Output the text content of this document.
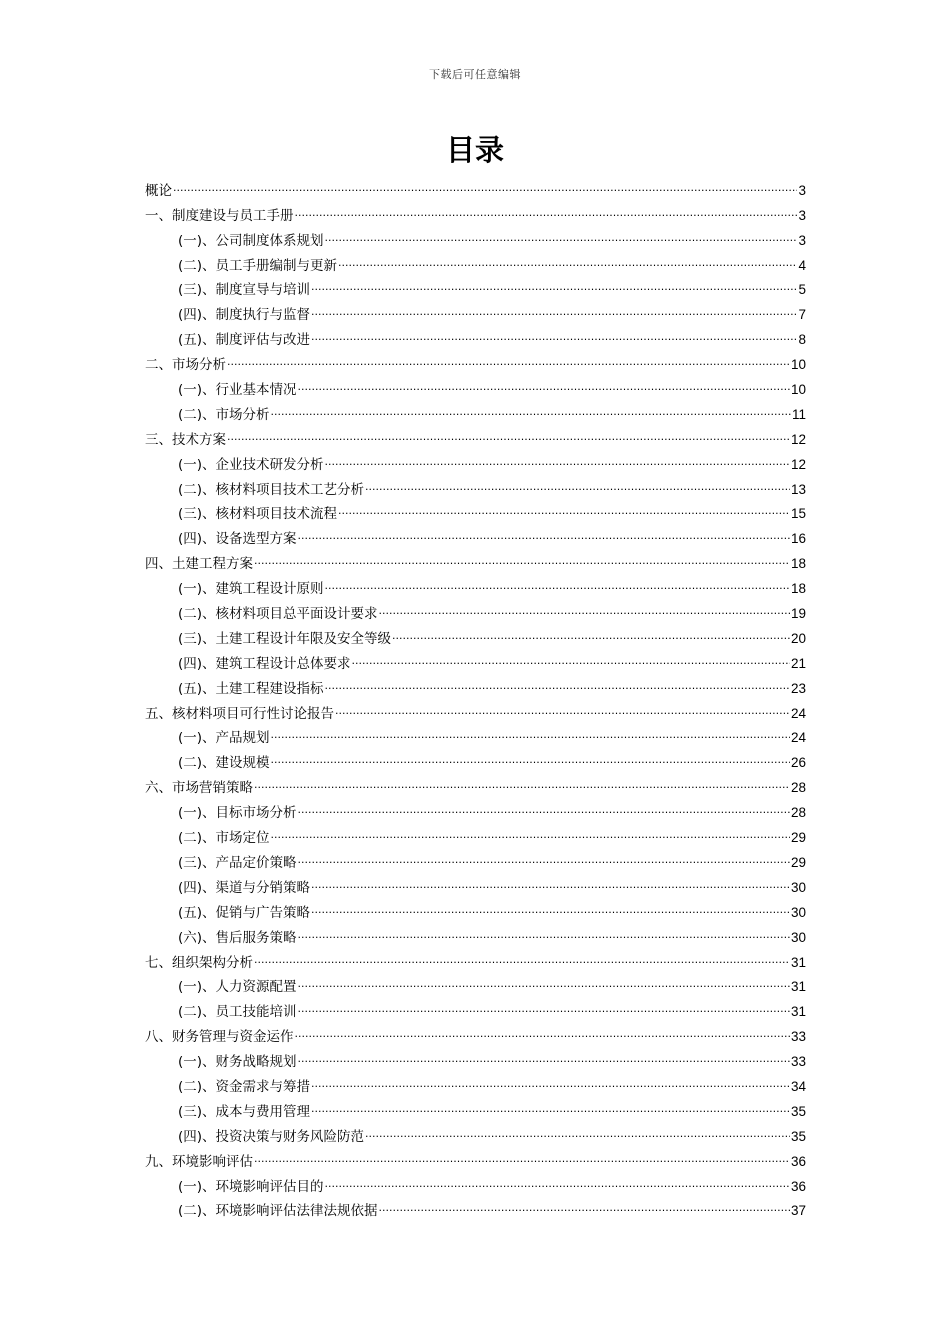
下载后可任意编辑
目录
概论 .....	3
一、制度建设与员工手册 .....	3
(一)、公司制度体系规划 .....	3
(二)、员工手册编制与更新 .....	4
(三)、制度宣导与培训 .....	5
(四)、制度执行与监督 .....	7
(五)、制度评估与改进 .....	8
二、市场分析 .....	10
(一)、行业基本情况 .....	10
(二)、市场分析 .....	11
三、技术方案 .....	12
(一)、企业技术研发分析 .....	12
(二)、核材料项目技术工艺分析 .....	13
(三)、核材料项目技术流程 .....	15
(四)、设备选型方案 .....	16
四、土建工程方案 .....	18
(一)、建筑工程设计原则 .....	18
(二)、核材料项目总平面设计要求 .....	19
(三)、土建工程设计年限及安全等级 .....	20
(四)、建筑工程设计总体要求 .....	21
(五)、土建工程建设指标 .....	23
五、核材料项目可行性讨论报告 .....	24
(一)、产品规划 .....	24
(二)、建设规模 .....	26
六、市场营销策略 .....	28
(一)、目标市场分析 .....	28
(二)、市场定位 .....	29
(三)、产品定价策略 .....	29
(四)、渠道与分销策略 .....	30
(五)、促销与广告策略 .....	30
(六)、售后服务策略 .....	30
七、组织架构分析 .....	31
(一)、人力资源配置 .....	31
(二)、员工技能培训 .....	31
八、财务管理与资金运作 .....	33
(一)、财务战略规划 .....	33
(二)、资金需求与筹措 .....	34
(三)、成本与费用管理 .....	35
(四)、投资决策与财务风险防范 .....	35
九、环境影响评估 .....	36
(一)、环境影响评估目的 .....	36
(二)、环境影响评估法律法规依据 .....	37
